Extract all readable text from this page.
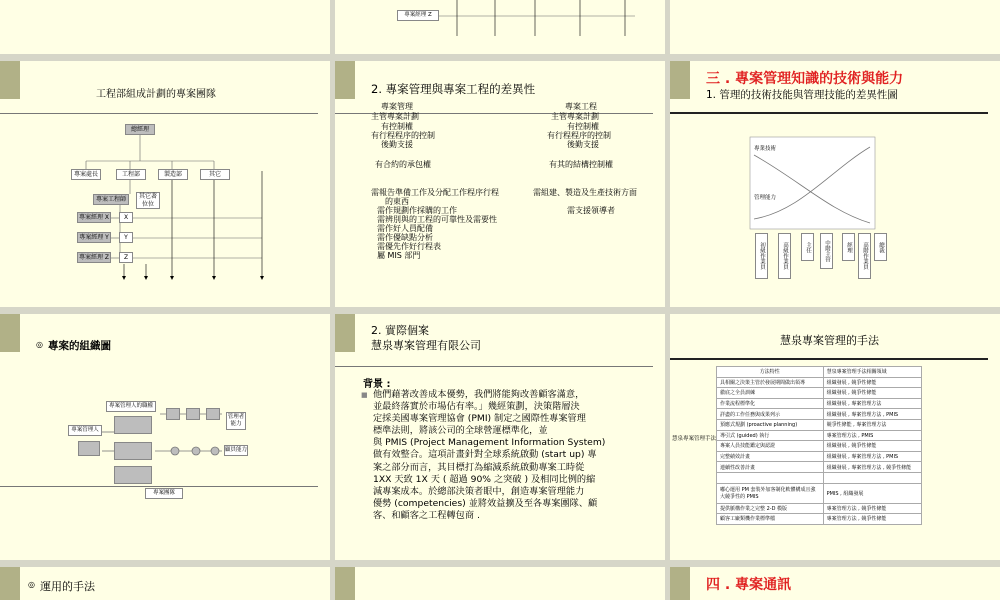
專案經理 Z
工程部組成計劃的專案團隊
總經理
專案處長	工程部	製造部	其它
專案工程師	其它著位位
專案經理 X
專案經理 Y
專案經理 Z
X
Y
Z
2. 專案管理與專案工程的差異性
專案管理
主管專案計劃
有控制權
有行程程序的控制
後勤支援
有合約的承包權
專案工程
主管專案計劃
有控制權
有行程程序的控制
後勤支援
有其的結構控制權
需報告準備工作及分配工作程序行程
的東西
需作規劃作採購的工作
需辨別與的工程的可靠性及需要性
需作好人員配備
需作優缺點分析
需優先作好行程表
屬 MIS 部門
需組建、製造及生產技術方面
需支援領導者
三 . 專案管理知識的技術與能力
1. 管理的技術技能與管理技能的差異性圖
專業技術
管理能力
初級作業員	高級作業員	主任	中階主管	經理	高階作業員	總裁
◎ 專案的組織圖
專案管理人
專案管理人的職權
管理者能力
顧員能力
專案團隊
2. 實際個案
慧泉專案管理有限公司
背景 :
■ 他們藉著改善成本優勢，我們將能夠改善顧客滿意，
並最終落實於市場佔有率。」幾經策劃，決策階層決
定採美國專案管理協會 (PMI) 制定之國際性專案管理
標準法則，將該公司的全球營運標準化，並
與 PMIS (Project Management Information System)
做有效整合。這項計畫針對全球系統啟動 (start up) 專
案之部分而言，其目標打為縮減系統啟動專案工時從
1XX 天致 1X 天 ( 超過 90% 之突破 ) 及相同比例的縮
減專案成本。於總部決策者眼中，創造專案管理能力
優勢 (competencies) 並將效益擴及至各專案團隊、顧
客、和顧客之工程轉包商 .
慧泉專案管理的手法
慧泉專案管理手法
方法特性	慧泉專案管理手法相關領域
具相關之決策主管於發展期間做出領導	組織發展 , 競爭性條能
徹底之全員訓練	組織發展 , 競爭性條能
作業流程標準化	組織發展 , 專案管理方法
詳盡的工作任務與成果列示	組織發展 , 專案管理方法 , PMIS
預應式規劃 (proactive planning)	競爭性條能 , 專案管理方法
導引式 (guided) 執行	專案管理方法 , PMIS
專案人員技能鑑定與認證	組織發展 , 競爭性條能
完整績效計畫	組織發展 , 專案管理方法 , PMIS
連續性改善計畫	組織發展 , 專案管理方法 , 競爭性條能

嘟心運用 PM 套裝外加客制化軟體構成且強大競爭性的 PMIS	PMIS , 組織發展
提供脈構作業之完整 2-D 模版	專案管理方法 , 競爭性條能
顧客工廠類機作業標準檔	專案管理方法 , 競爭性條能
◎ 運用的手法	四 . 專案通訊
